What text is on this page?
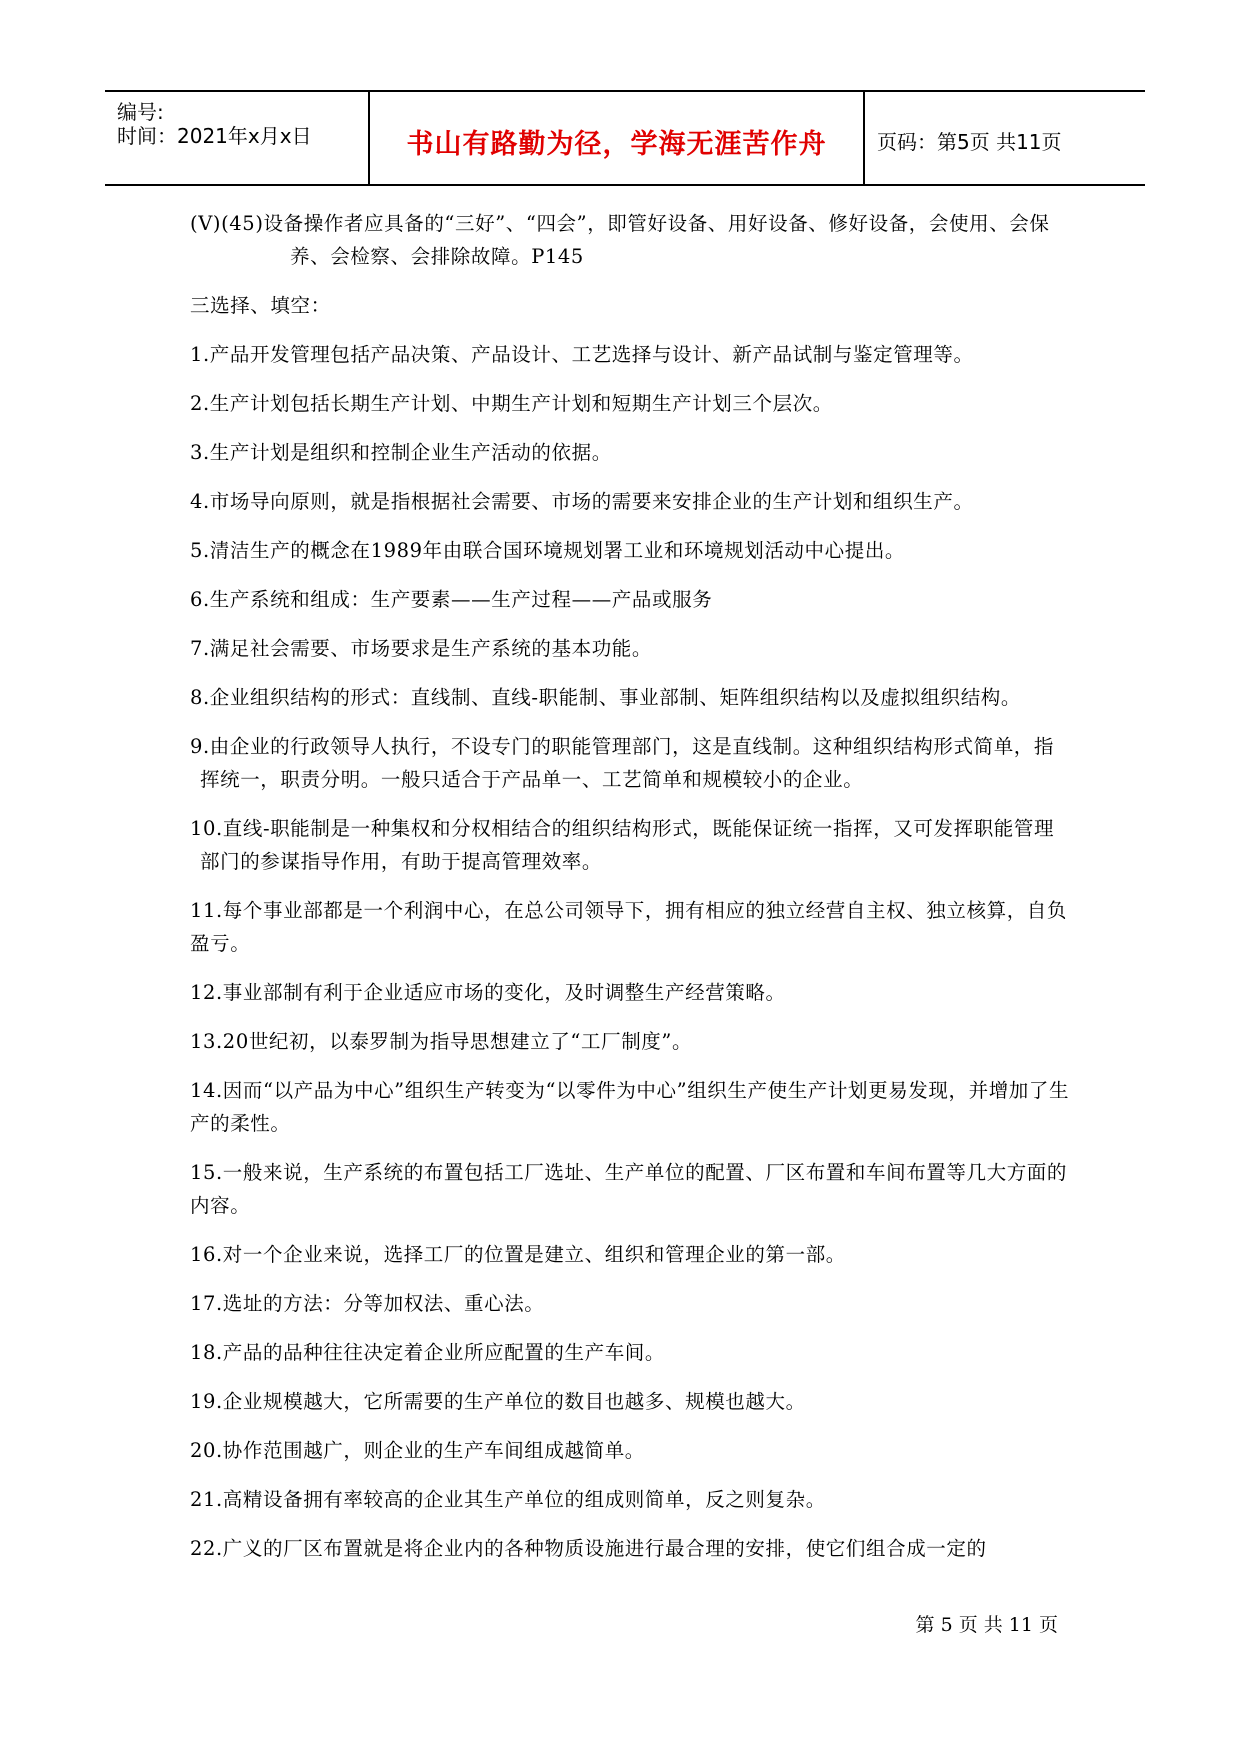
编号:
时间：2021年x月x日	书山有路勤为径，学海无涯苦作舟	页码：第5页 共11页

(V)(45)设备操作者应具备的“三好”、“四会”，即管好设备、用好设备、修好设备，会使用、会保养、会检察、会排除故障。P145

三选择、填空：

1.产品开发管理包括产品决策、产品设计、工艺选择与设计、新产品试制与鉴定管理等。

2.生产计划包括长期生产计划、中期生产计划和短期生产计划三个层次。

3.生产计划是组织和控制企业生产活动的依据。

4.市场导向原则，就是指根据社会需要、市场的需要来安排企业的生产计划和组织生产。

5.清洁生产的概念在1989年由联合国环境规划署工业和环境规划活动中心提出。

6.生产系统和组成：生产要素——生产过程——产品或服务

7.满足社会需要、市场要求是生产系统的基本功能。

8.企业组织结构的形式：直线制、直线-职能制、事业部制、矩阵组织结构以及虚拟组织结构。

9.由企业的行政领导人执行，不设专门的职能管理部门，这是直线制。这种组织结构形式简单，指挥统一，职责分明。一般只适合于产品单一、工艺简单和规模较小的企业。

10.直线-职能制是一种集权和分权相结合的组织结构形式，既能保证统一指挥，又可发挥职能管理部门的参谋指导作用，有助于提高管理效率。

11.每个事业部都是一个利润中心，在总公司领导下，拥有相应的独立经营自主权、独立核算，自负盈亏。

12.事业部制有利于企业适应市场的变化，及时调整生产经营策略。

13.20世纪初，以泰罗制为指导思想建立了“工厂制度”。

14.因而“以产品为中心”组织生产转变为“以零件为中心”组织生产使生产计划更易发现，并增加了生产的柔性。

15.一般来说，生产系统的布置包括工厂选址、生产单位的配置、厂区布置和车间布置等几大方面的内容。

16.对一个企业来说，选择工厂的位置是建立、组织和管理企业的第一部。

17.选址的方法：分等加权法、重心法。

18.产品的品种往往决定着企业所应配置的生产车间。

19.企业规模越大，它所需要的生产单位的数目也越多、规模也越大。

20.协作范围越广，则企业的生产车间组成越简单。

21.高精设备拥有率较高的企业其生产单位的组成则简单，反之则复杂。

22.广义的厂区布置就是将企业内的各种物质设施进行最合理的安排，使它们组合成一定的

第 5 页 共 11 页
